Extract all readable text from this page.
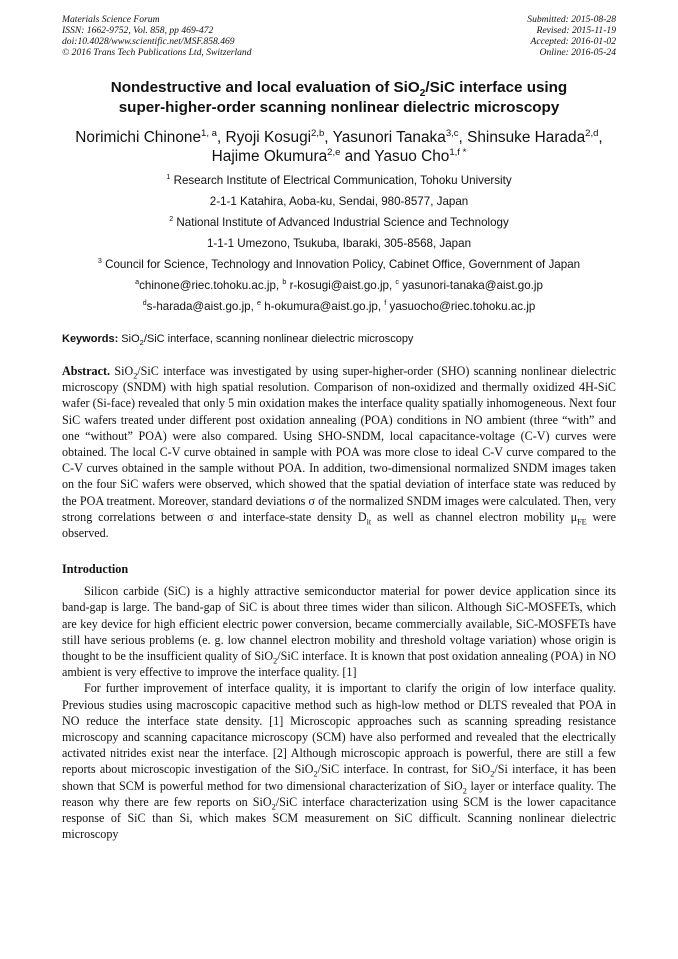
Materials Science Forum
ISSN: 1662-9752, Vol. 858, pp 469-472
doi:10.4028/www.scientific.net/MSF.858.469
© 2016 Trans Tech Publications Ltd, Switzerland
Submitted: 2015-08-28
Revised: 2015-11-19
Accepted: 2016-01-02
Online: 2016-05-24
Nondestructive and local evaluation of SiO$_2$/SiC interface using
super-higher-order scanning nonlinear dielectric microscopy
Norimichi Chinone$^{1, a}$, Ryoji Kosugi$^{2,b}$, Yasunori Tanaka$^{3,c}$, Shinsuke Harada$^{2,d}$,
Hajime Okumura$^{2,e}$ and Yasuo Cho$^{1,f *}$
$^1$ Research Institute of Electrical Communication, Tohoku University
2-1-1 Katahira, Aoba-ku, Sendai, 980-8577, Japan
$^2$ National Institute of Advanced Industrial Science and Technology
1-1-1 Umezono, Tsukuba, Ibaraki, 305-8568, Japan
$^3$ Council for Science, Technology and Innovation Policy, Cabinet Office, Government of Japan
$^a$chinone@riec.tohoku.ac.jp, $^b$ r-kosugi@aist.go.jp, $^c$ yasunori-tanaka@aist.go.jp
$^d$s-harada@aist.go.jp, $^e$ h-okumura@aist.go.jp, $^f$ yasuocho@riec.tohoku.ac.jp
Keywords: SiO$_2$/SiC interface, scanning nonlinear dielectric microscopy
Abstract. SiO$_2$/SiC interface was investigated by using super-higher-order (SHO) scanning nonlinear dielectric microscopy (SNDM) with high spatial resolution. Comparison of non-oxidized and thermally oxidized 4H-SiC wafer (Si-face) revealed that only 5 min oxidation makes the interface quality spatially inhomogeneous. Next four SiC wafers treated under different post oxidation annealing (POA) conditions in NO ambient (three “with” and one “without” POA) were also compared. Using SHO-SNDM, local capacitance-voltage (C-V) curves were obtained. The local C-V curve obtained in sample with POA was more close to ideal C-V curve compared to the C-V curves obtained in the sample without POA. In addition, two-dimensional normalized SNDM images taken on the four SiC wafers were observed, which showed that the spatial deviation of interface state was reduced by the POA treatment. Moreover, standard deviations σ of the normalized SNDM images were calculated. Then, very strong correlations between σ and interface-state density $D_{it}$ as well as channel electron mobility $\mu_{FE}$ were observed.
Introduction
Silicon carbide (SiC) is a highly attractive semiconductor material for power device application since its band-gap is large. The band-gap of SiC is about three times wider than silicon. Although SiC-MOSFETs, which are key device for high efficient electric power conversion, became commercially available, SiC-MOSFETs have still have serious problems (e. g. low channel electron mobility and threshold voltage variation) whose origin is thought to be the insufficient quality of SiO$_2$/SiC interface. It is known that post oxidation annealing (POA) in NO ambient is very effective to improve the interface quality. [1]
For further improvement of interface quality, it is important to clarify the origin of low interface quality. Previous studies using macroscopic capacitive method such as high-low method or DLTS revealed that POA in NO reduce the interface state density. [1] Microscopic approaches such as scanning spreading resistance microscopy and scanning capacitance microscopy (SCM) have also performed and revealed that the electrically activated nitrides exist near the interface. [2] Although microscopic approach is powerful, there are still a few reports about microscopic investigation of the SiO$_2$/SiC interface. In contrast, for SiO$_2$/Si interface, it has been shown that SCM is powerful method for two dimensional characterization of SiO$_2$ layer or interface quality. The reason why there are few reports on SiO$_2$/SiC interface characterization using SCM is the lower capacitance response of SiC than Si, which makes SCM measurement on SiC difficult. Scanning nonlinear dielectric microscopy
